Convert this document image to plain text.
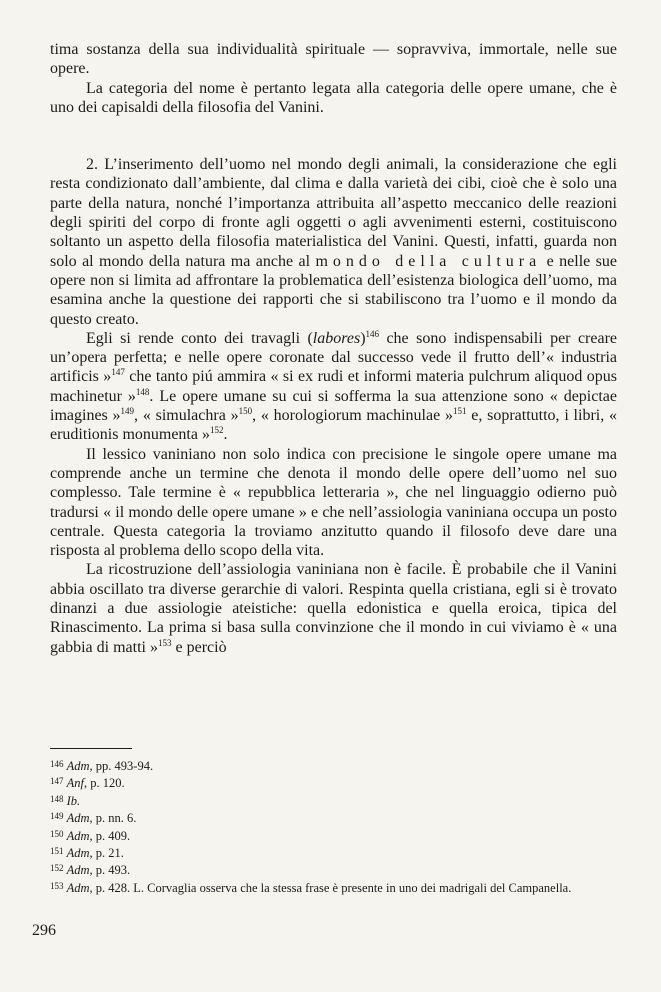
tima sostanza della sua individualità spirituale — sopravviva, immortale, nelle sue opere.

La categoria del nome è pertanto legata alla categoria delle opere umane, che è uno dei capisaldi della filosofia del Vanini.

2. L’inserimento dell’uomo nel mondo degli animali, la considerazione che egli resta condizionato dall’ambiente, dal clima e dalla varietà dei cibi, cioè che è solo una parte della natura, nonché l’importanza attribuita all’aspetto meccanico delle reazioni degli spiriti del corpo di fronte agli oggetti o agli avvenimenti esterni, costituiscono soltanto un aspetto della filosofia materialistica del Vanini. Questi, infatti, guarda non solo al mondo della natura ma anche al mondo della cultura e nelle sue opere non si limita ad affrontare la problematica dell’esistenza biologica dell’uomo, ma esamina anche la questione dei rapporti che si stabiliscono tra l’uomo e il mondo da questo creato.

Egli si rende conto dei travagli (labores)$^{146}$ che sono indispensabili per creare un’opera perfetta; e nelle opere coronate dal successo vede il frutto dell’« industria artificis »$^{147}$ che tanto piú ammira « si ex rudi et informi materia pulchrum aliquod opus machinetur »$^{148}$. Le opere umane su cui si sofferma la sua attenzione sono « depictae imagines »$^{149}$, « simulachra »$^{150}$, « horologiorum machinulae »$^{151}$ e, soprattutto, i libri, « eruditionis monumenta »$^{152}$.

Il lessico vaniniano non solo indica con precisione le singole opere umane ma comprende anche un termine che denota il mondo delle opere dell’uomo nel suo complesso. Tale termine è « repubblica letteraria », che nel linguaggio odierno può tradursi « il mondo delle opere umane » e che nell’assiologia vaniniana occupa un posto centrale. Questa categoria la troviamo anzitutto quando il filosofo deve dare una risposta al problema dello scopo della vita.

La ricostruzione dell’assiologia vaniniana non è facile. È probabile che il Vanini abbia oscillato tra diverse gerarchie di valori. Respinta quella cristiana, egli si è trovato dinanzi a due assiologie ateistiche: quella edonistica e quella eroica, tipica del Rinascimento. La prima si basa sulla convinzione che il mondo in cui viviamo è « una gabbia di matti »$^{153}$ e perciò

$^{146}$ Adm, pp. 493-94.

$^{147}$ Anf, p. 120.

$^{148}$ Ib.

$^{149}$ Adm, p. nn. 6.

$^{150}$ Adm, p. 409.

$^{151}$ Adm, p. 21.

$^{152}$ Adm, p. 493.

$^{153}$ Adm, p. 428. L. Corvaglia osserva che la stessa frase è presente in uno dei madrigali del Campanella.

296
